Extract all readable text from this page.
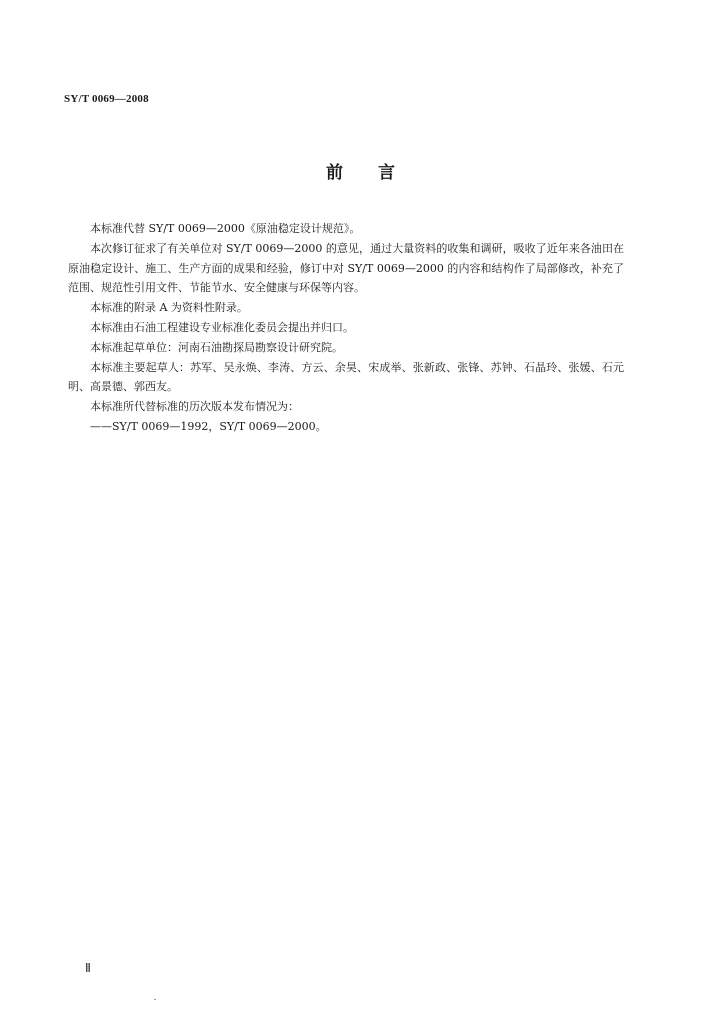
SY/T 0069—2008
前 言

本标准代替 SY/T 0069—2000《原油稳定设计规范》。

本次修订征求了有关单位对 SY/T 0069—2000 的意见，通过大量资料的收集和调研，吸收了近年来各油田在原油稳定设计、施工、生产方面的成果和经验，修订中对 SY/T 0069—2000 的内容和结构作了局部修改，补充了范围、规范性引用文件、节能节水、安全健康与环保等内容。

本标准的附录 A 为资料性附录。

本标准由石油工程建设专业标准化委员会提出并归口。

本标准起草单位：河南石油勘探局勘察设计研究院。

本标准主要起草人：苏军、吴永焕、李涛、方云、余昊、宋成举、张新政、张锋、苏钟、石晶玲、张媛、石元明、高景德、郭西友。

本标准所代替标准的历次版本发布情况为：

——SY/T 0069—1992，SY/T 0069—2000。

Ⅱ
